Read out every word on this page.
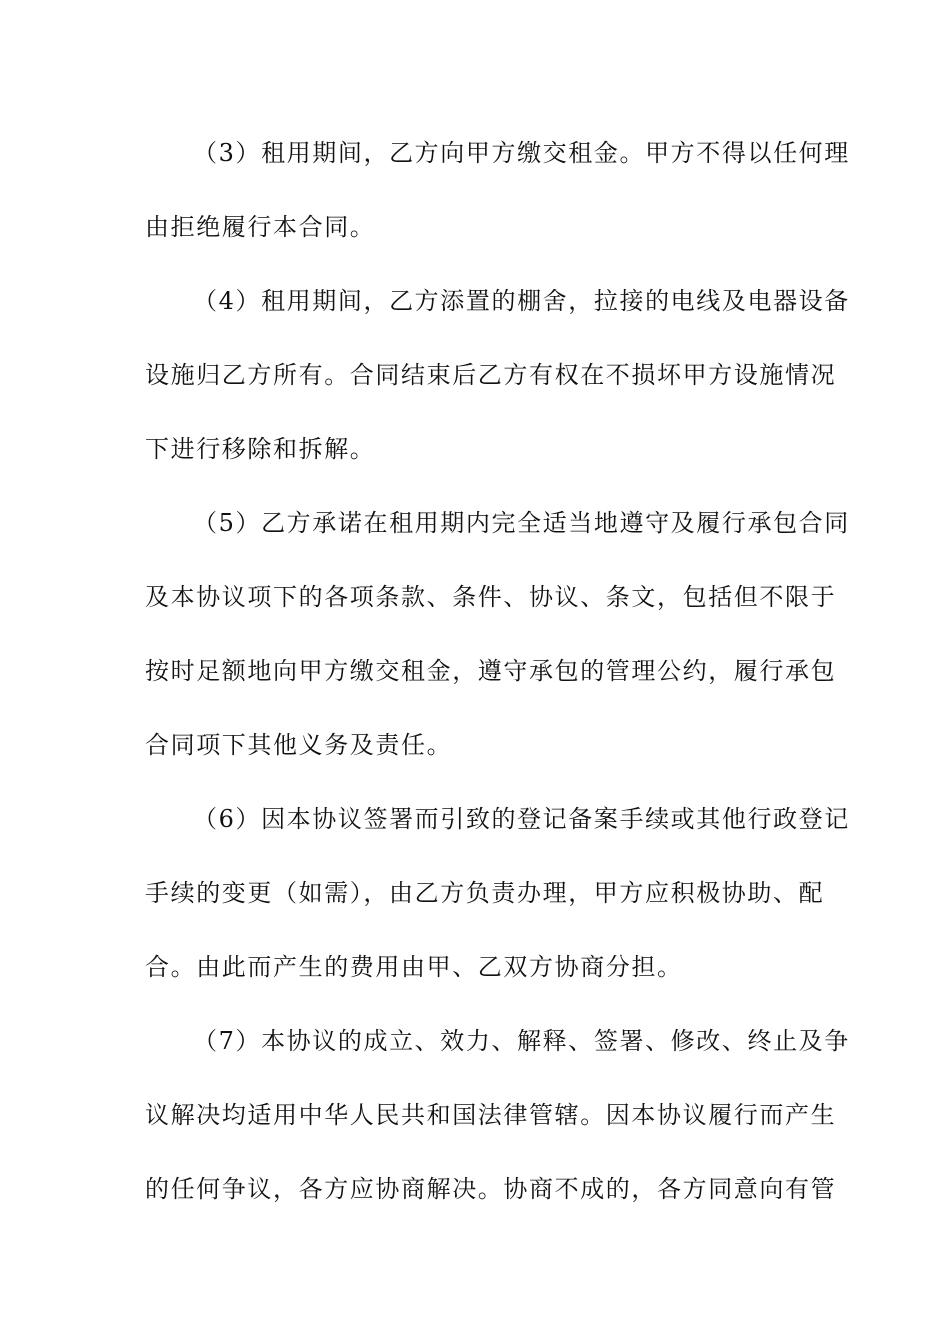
（3）租用期间，乙方向甲方缴交租金。甲方不得以任何理
由拒绝履行本合同。
（4）租用期间，乙方添置的棚舍，拉接的电线及电器设备
设施归乙方所有。合同结束后乙方有权在不损坏甲方设施情况
下进行移除和拆解。
（5）乙方承诺在租用期内完全适当地遵守及履行承包合同
及本协议项下的各项条款、条件、协议、条文，包括但不限于
按时足额地向甲方缴交租金，遵守承包的管理公约，履行承包
合同项下其他义务及责任。
（6）因本协议签署而引致的登记备案手续或其他行政登记
手续的变更（如需），由乙方负责办理，甲方应积极协助、配
合。由此而产生的费用由甲、乙双方协商分担。
（7）本协议的成立、效力、解释、签署、修改、终止及争
议解决均适用中华人民共和国法律管辖。因本协议履行而产生
的任何争议，各方应协商解决。协商不成的，各方同意向有管
